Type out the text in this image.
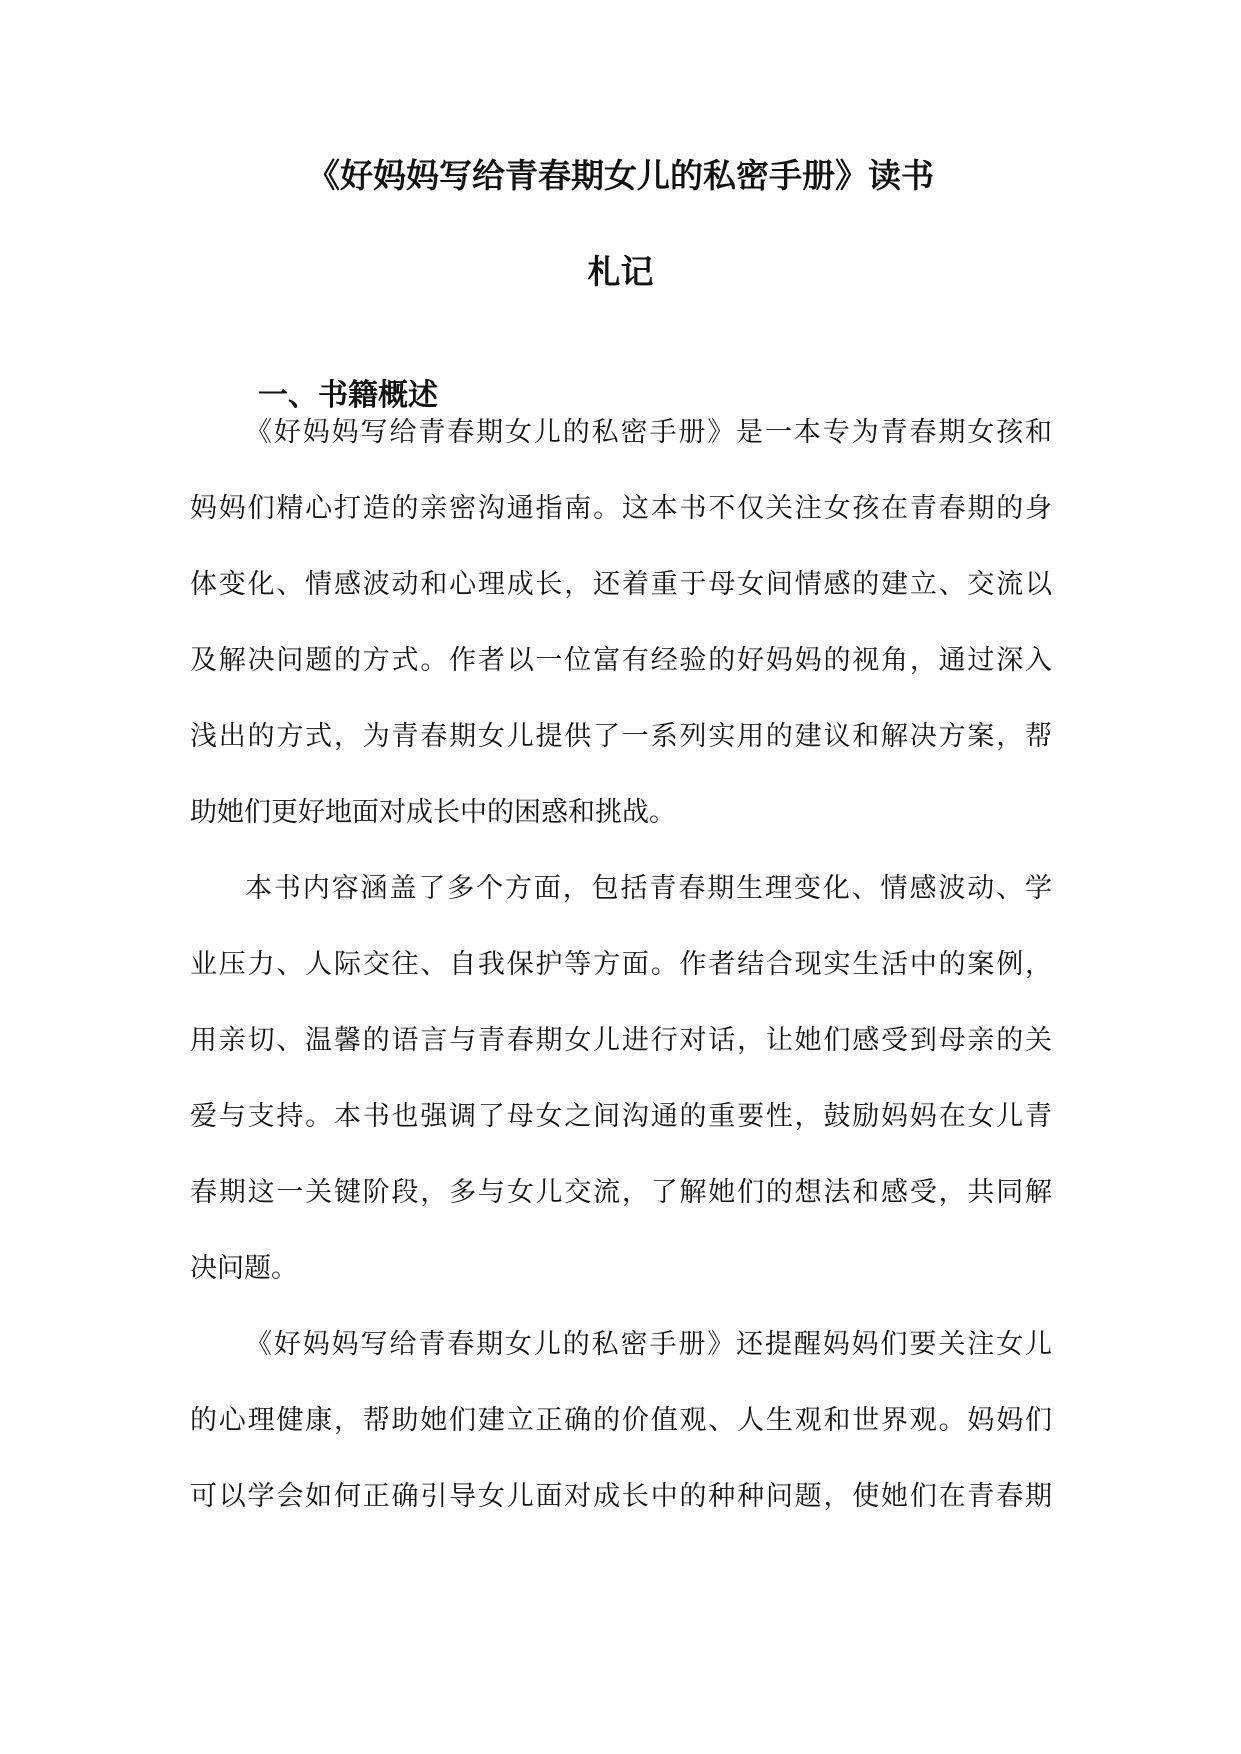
《好妈妈写给青春期女儿的私密手册》读书
札记
一、书籍概述
《好妈妈写给青春期女儿的私密手册》是一本专为青春期女孩和
妈妈们精心打造的亲密沟通指南。这本书不仅关注女孩在青春期的身
体变化、情感波动和心理成长，还着重于母女间情感的建立、交流以
及解决问题的方式。作者以一位富有经验的好妈妈的视角，通过深入
浅出的方式，为青春期女儿提供了一系列实用的建议和解决方案，帮
助她们更好地面对成长中的困惑和挑战。
本书内容涵盖了多个方面，包括青春期生理变化、情感波动、学
业压力、人际交往、自我保护等方面。作者结合现实生活中的案例，
用亲切、温馨的语言与青春期女儿进行对话，让她们感受到母亲的关
爱与支持。本书也强调了母女之间沟通的重要性，鼓励妈妈在女儿青
春期这一关键阶段，多与女儿交流，了解她们的想法和感受，共同解
决问题。
《好妈妈写给青春期女儿的私密手册》还提醒妈妈们要关注女儿
的心理健康，帮助她们建立正确的价值观、人生观和世界观。妈妈们
可以学会如何正确引导女儿面对成长中的种种问题，使她们在青春期
